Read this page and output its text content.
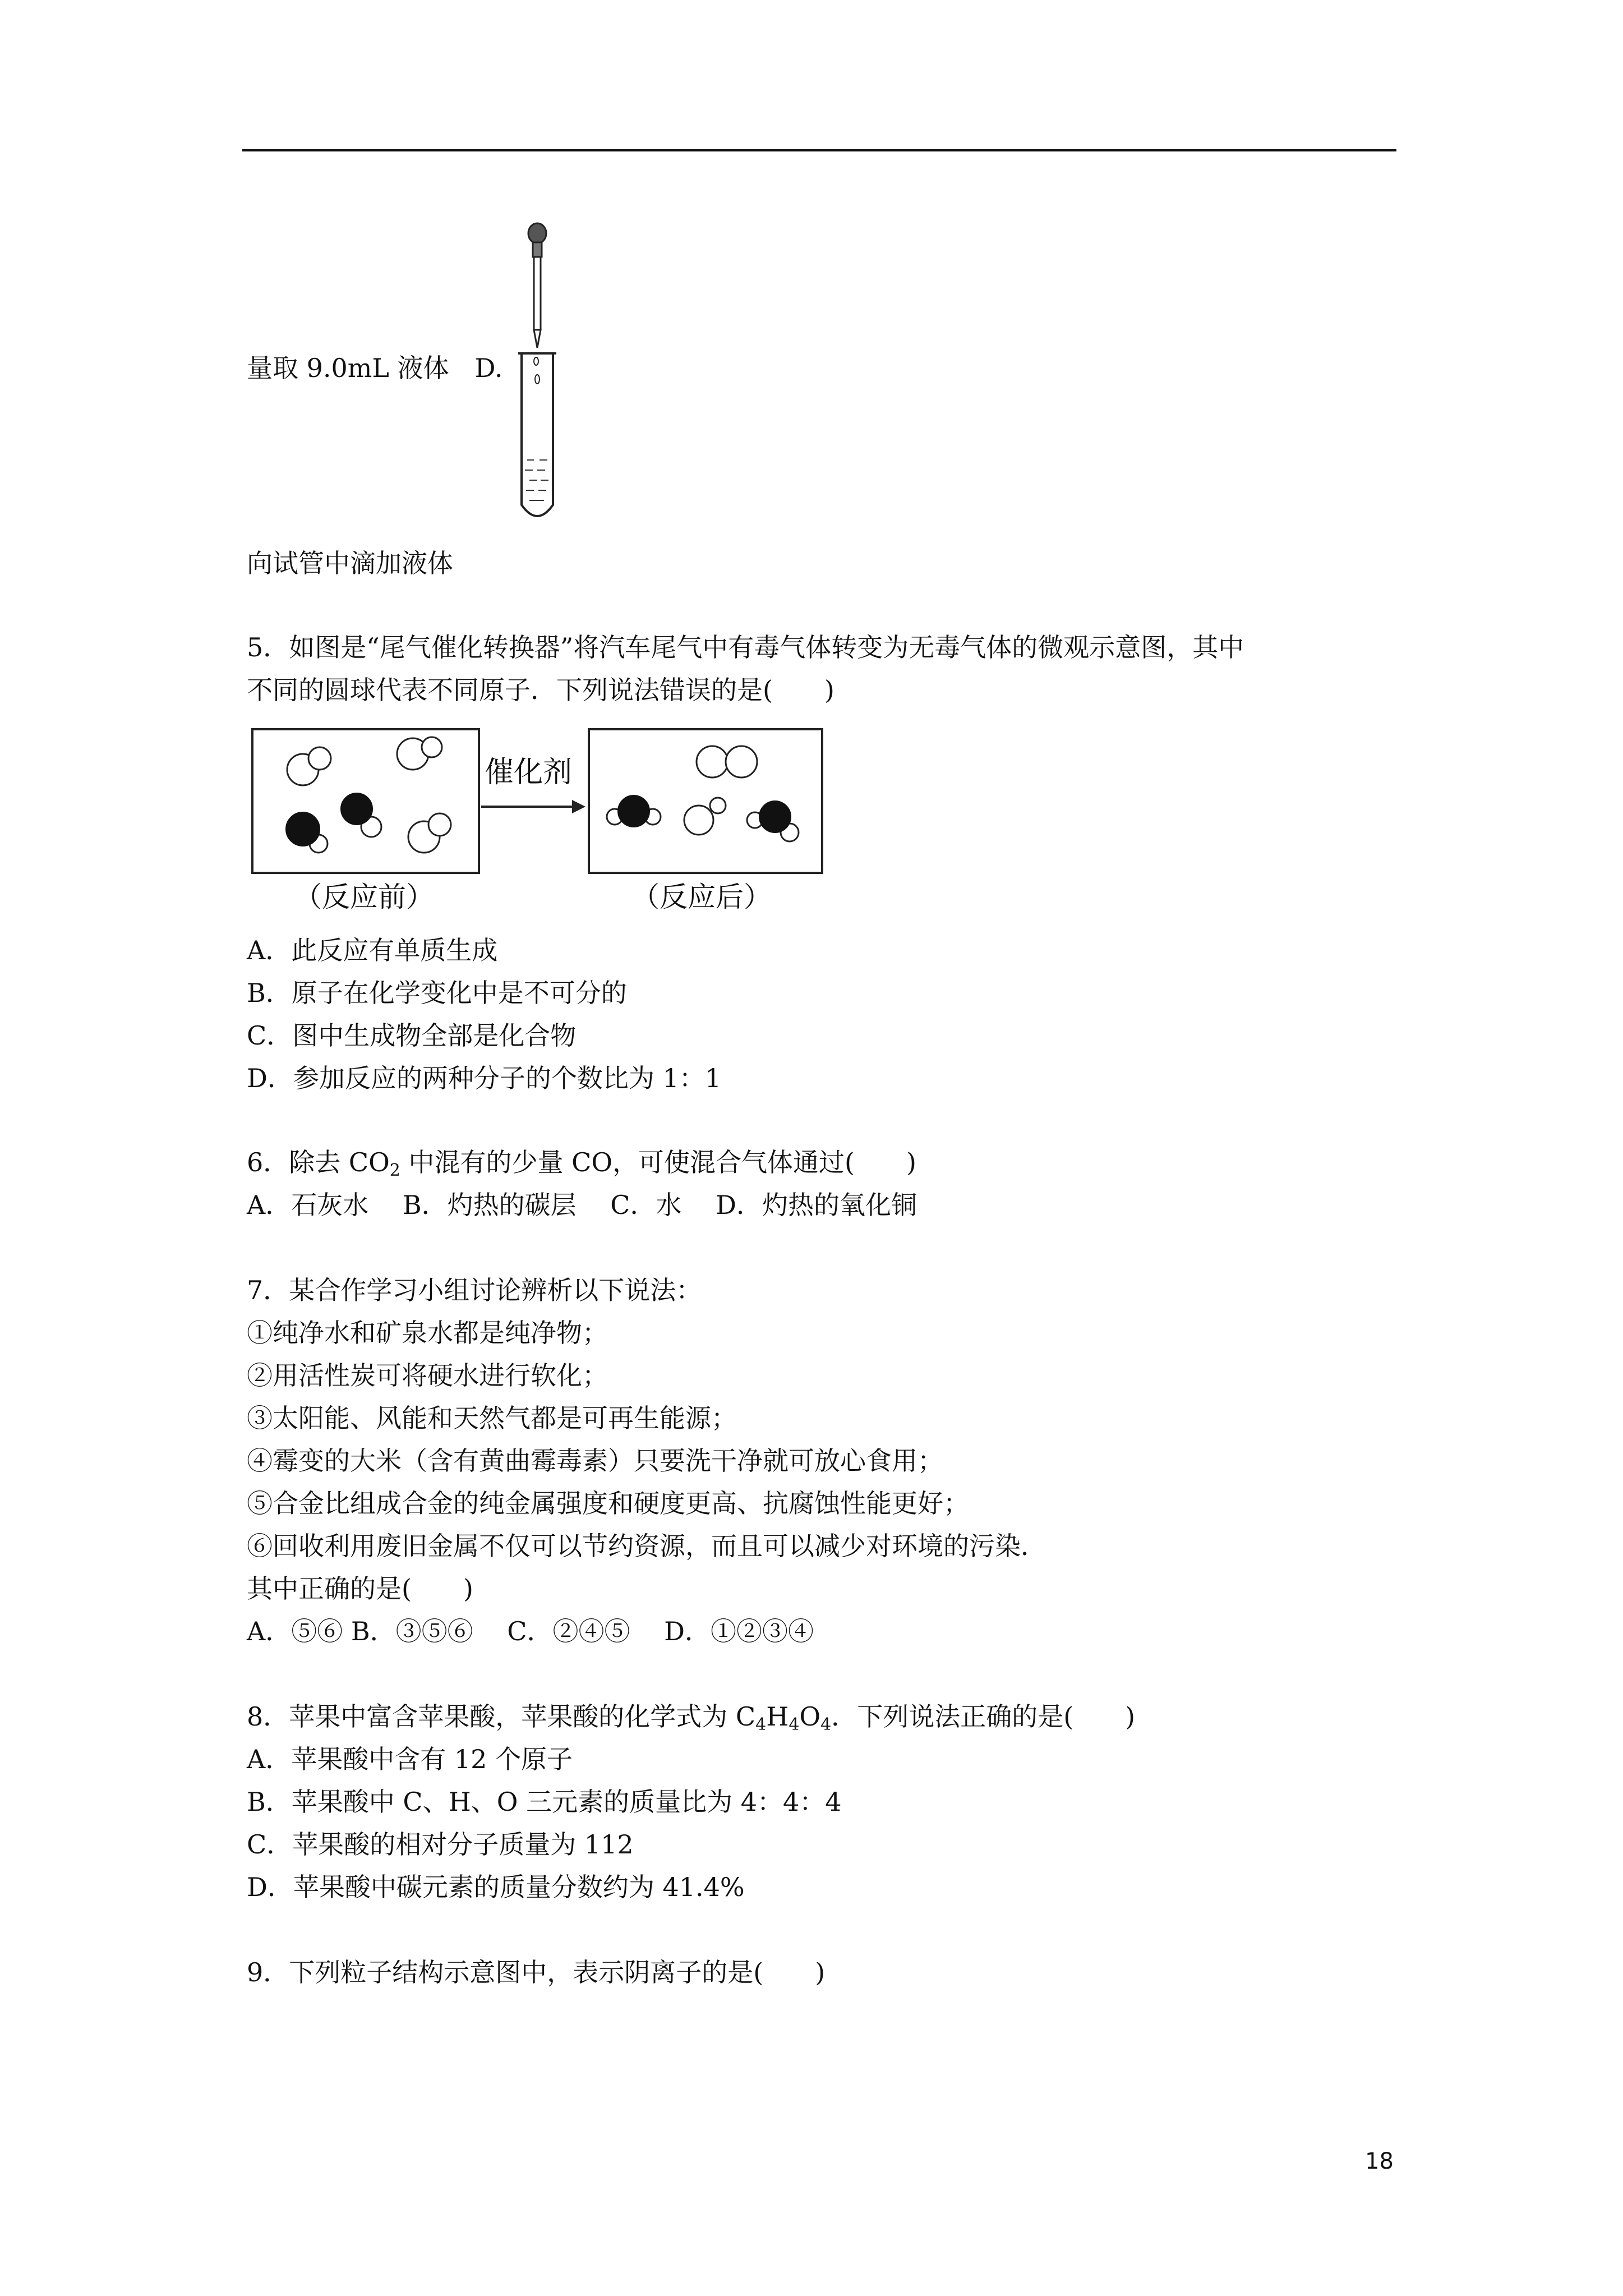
量取 9.0mL 液体　 D.
向试管中滴加液体
5．如图是“尾气催化转换器”将汽车尾气中有毒气体转变为无毒气体的微观示意图，其中
不同的圆球代表不同原子．下列说法错误的是(　　)
催化剂
（反应前）	（反应后）
A．此反应有单质生成
B．原子在化学变化中是不可分的
C．图中生成物全部是化合物
D．参加反应的两种分子的个数比为 1：1
6．除去 $CO_2$ 中混有的少量 CO，可使混合气体通过(　　)
A．石灰水　 B．灼热的碳层　 C．水　 D．灼热的氧化铜
7．某合作学习小组讨论辨析以下说法：
①纯净水和矿泉水都是纯净物；
②用活性炭可将硬水进行软化；
③太阳能、风能和天然气都是可再生能源；
④霉变的大米（含有黄曲霉毒素）只要洗干净就可放心食用；
⑤合金比组成合金的纯金属强度和硬度更高、抗腐蚀性能更好；
⑥回收利用废旧金属不仅可以节约资源，而且可以减少对环境的污染．
其中正确的是(　　)
A．⑤⑥ B．③⑤⑥　 C．②④⑤　 D．①②③④
8．苹果中富含苹果酸，苹果酸的化学式为 $C_4H_4O_4$．下列说法正确的是(　　)
A．苹果酸中含有 12 个原子
B．苹果酸中 C、H、O 三元素的质量比为 4：4：4
C．苹果酸的相对分子质量为 112
D．苹果酸中碳元素的质量分数约为 41.4%
9．下列粒子结构示意图中，表示阴离子的是(　　)
18
